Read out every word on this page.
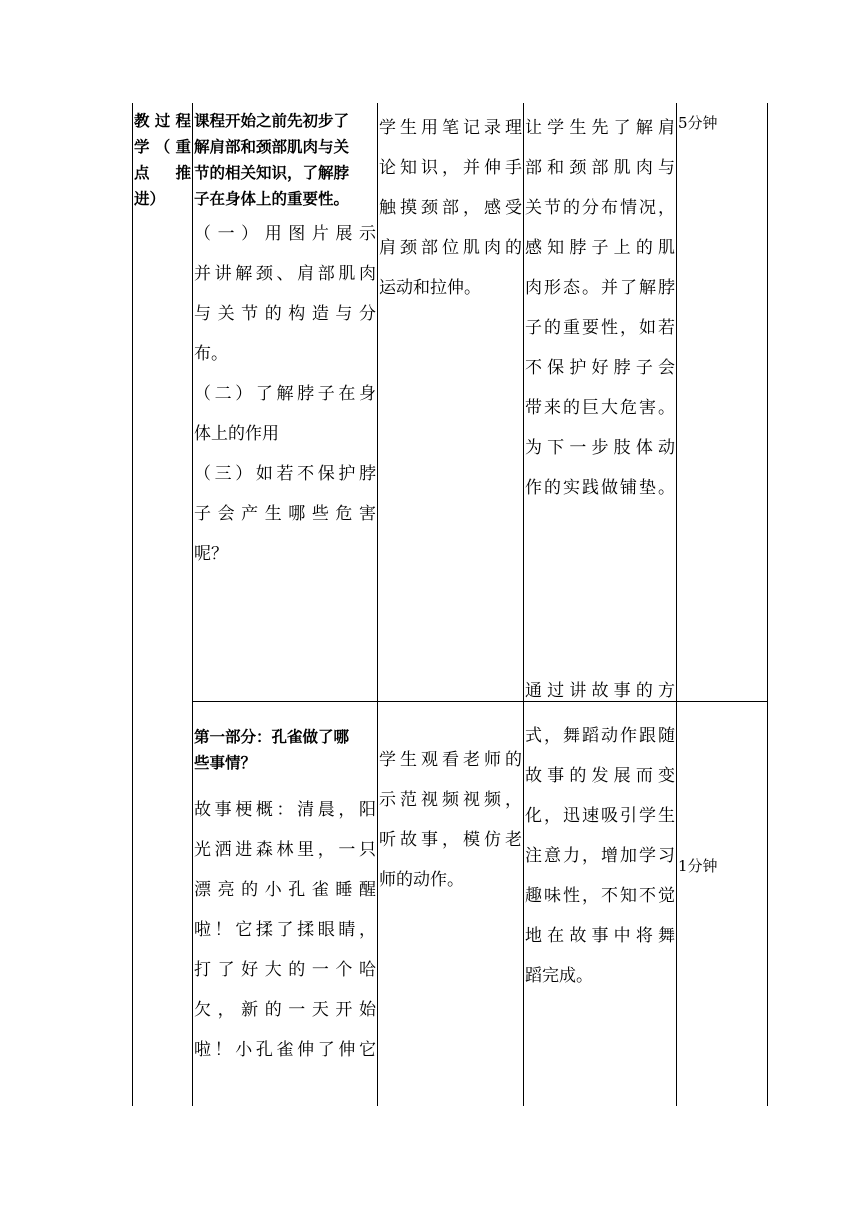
教过程

学（重

点　推

进）

课程开始之前先初步了

解肩部和颈部肌肉与关

节的相关知识，了解脖

子在身体上的重要性。

（一）用图片展示

并讲解颈、肩部肌肉

与关节的构造与分

布。

（二）了解脖子在身

体上的作用

（三）如若不保护脖

子会产生哪些危害

呢？

学生用笔记录理

论知识，并伸手

触摸颈部，感受

肩颈部位肌肉的

运动和拉伸。

让学生先了解肩

部和颈部肌肉与

关节的分布情况，

感知脖子上的肌

肉形态。并了解脖

子的重要性，如若

不保护好脖子会

带来的巨大危害。

为下一步肢体动

作的实践做铺垫。

通过讲故事的方

5分钟

第一部分：孔雀做了哪

些事情？

故事梗概：清晨，阳

光洒进森林里，一只

漂亮的小孔雀睡醒

啦！它揉了揉眼睛，

打了好大的一个哈

欠，新的一天开始

啦！小孔雀伸了伸它

学生观看老师的

示范视频视频，

听故事，模仿老

师的动作。

式，舞蹈动作跟随

故事的发展而变

化，迅速吸引学生

注意力，增加学习

趣味性，不知不觉

地在故事中将舞

蹈完成。

1分钟
